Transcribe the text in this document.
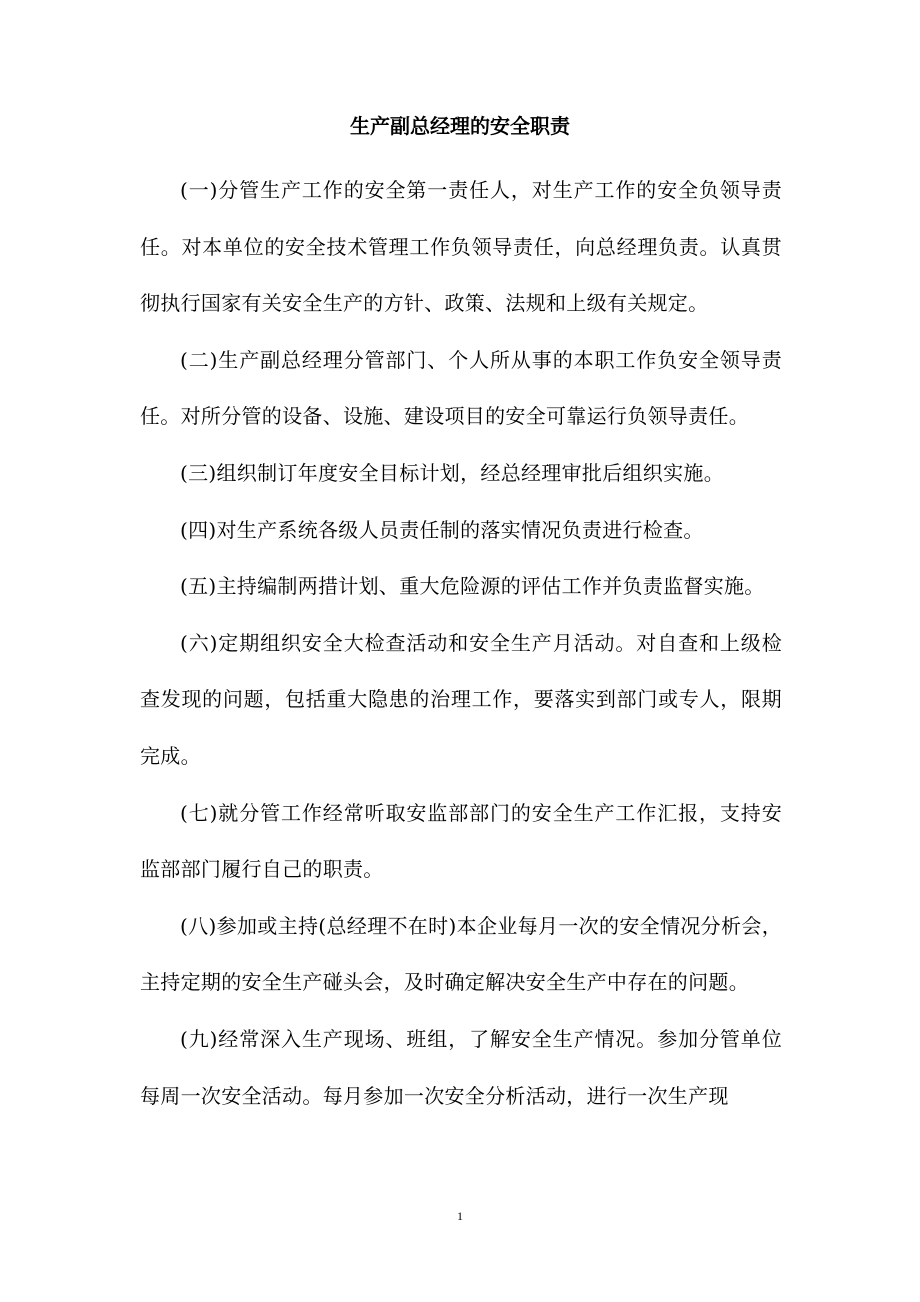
生产副总经理的安全职责

(一)分管生产工作的安全第一责任人，对生产工作的安全负领导责任。对本单位的安全技术管理工作负领导责任，向总经理负责。认真贯彻执行国家有关安全生产的方针、政策、法规和上级有关规定。

(二)生产副总经理分管部门、个人所从事的本职工作负安全领导责任。对所分管的设备、设施、建设项目的安全可靠运行负领导责任。

(三)组织制订年度安全目标计划，经总经理审批后组织实施。

(四)对生产系统各级人员责任制的落实情况负责进行检查。

(五)主持编制两措计划、重大危险源的评估工作并负责监督实施。

(六)定期组织安全大检查活动和安全生产月活动。对自查和上级检查发现的问题，包括重大隐患的治理工作，要落实到部门或专人，限期完成。

(七)就分管工作经常听取安监部部门的安全生产工作汇报，支持安监部部门履行自己的职责。

(八)参加或主持(总经理不在时)本企业每月一次的安全情况分析会，主持定期的安全生产碰头会，及时确定解决安全生产中存在的问题。

(九)经常深入生产现场、班组，了解安全生产情况。参加分管单位每周一次安全活动。每月参加一次安全分析活动，进行一次生产现

1
